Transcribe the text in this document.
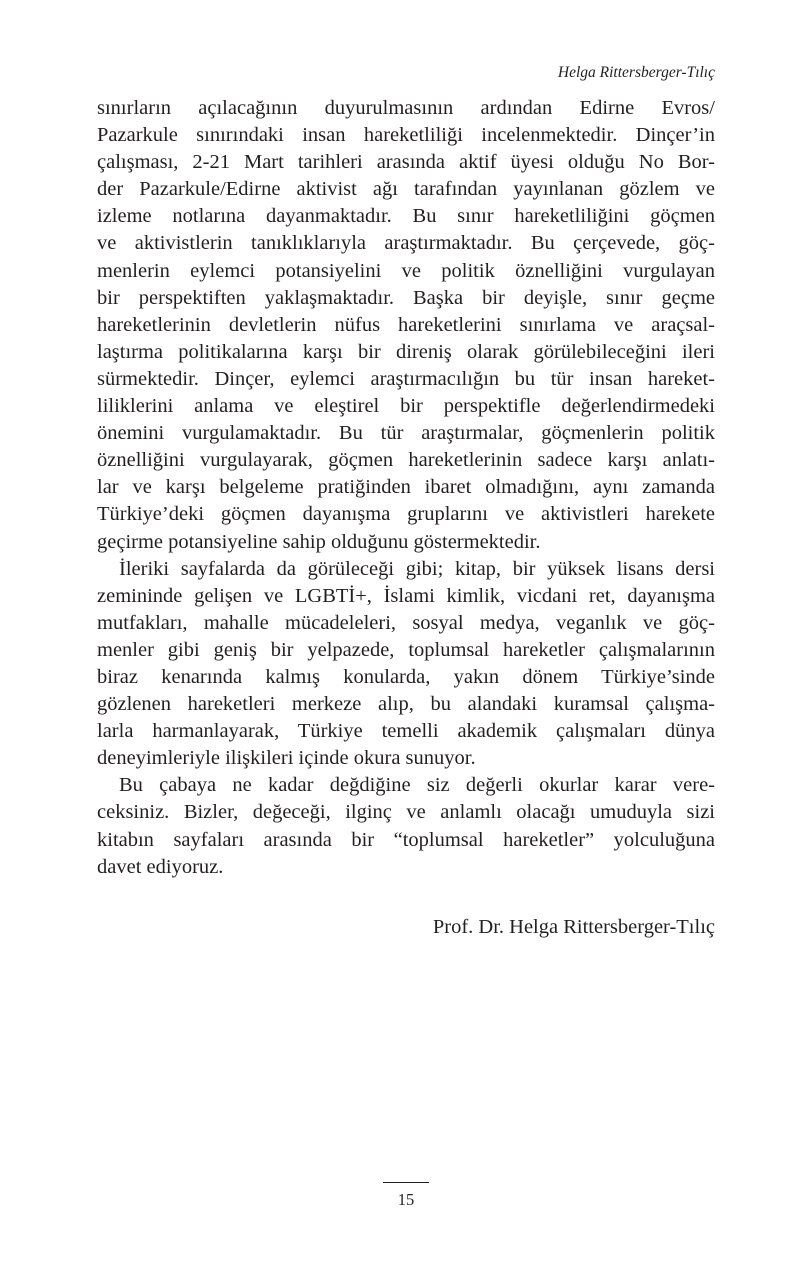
Helga Rittersberger-Tılıç
sınırların açılacağının duyurulmasının ardından Edirne Evros/
Pazarkule sınırındaki insan hareketliliği incelenmektedir. Dinçer’in
çalışması, 2-21 Mart tarihleri arasında aktif üyesi olduğu No Bor-
der Pazarkule/Edirne aktivist ağı tarafından yayınlanan gözlem ve
izleme notlarına dayanmaktadır. Bu sınır hareketliliğini göçmen
ve aktivistlerin tanıklıklarıyla araştırmaktadır. Bu çerçevede, göç-
menlerin eylemci potansiyelini ve politik öznelliğini vurgulayan
bir perspektiften yaklaşmaktadır. Başka bir deyişle, sınır geçme
hareketlerinin devletlerin nüfus hareketlerini sınırlama ve araçsal-
laştırma politikalarına karşı bir direniş olarak görülebileceğini ileri
sürmektedir. Dinçer, eylemci araştırmacılığın bu tür insan hareket-
liliklerini anlama ve eleştirel bir perspektifle değerlendirmedeki
önemini vurgulamaktadır. Bu tür araştırmalar, göçmenlerin politik
öznelliğini vurgulayarak, göçmen hareketlerinin sadece karşı anlatı-
lar ve karşı belgeleme pratiğinden ibaret olmadığını, aynı zamanda
Türkiye’deki göçmen dayanışma gruplarını ve aktivistleri harekete
geçirme potansiyeline sahip olduğunu göstermektedir.
İleriki sayfalarda da görüleceği gibi; kitap, bir yüksek lisans dersi
zemininde gelişen ve LGBTİ+, İslami kimlik, vicdani ret, dayanışma
mutfakları, mahalle mücadeleleri, sosyal medya, veganlık ve göç-
menler gibi geniş bir yelpazede, toplumsal hareketler çalışmalarının
biraz kenarında kalmış konularda, yakın dönem Türkiye’sinde
gözlenen hareketleri merkeze alıp, bu alandaki kuramsal çalışma-
larla harmanlayarak, Türkiye temelli akademik çalışmaları dünya
deneyimleriyle ilişkileri içinde okura sunuyor.
Bu çabaya ne kadar değdiğine siz değerli okurlar karar vere-
ceksiniz. Bizler, değeceği, ilginç ve anlamlı olacağı umuduyla sizi
kitabın sayfaları arasında bir “toplumsal hareketler” yolculuğuna
davet ediyoruz.
Prof. Dr. Helga Rittersberger-Tılıç
15
